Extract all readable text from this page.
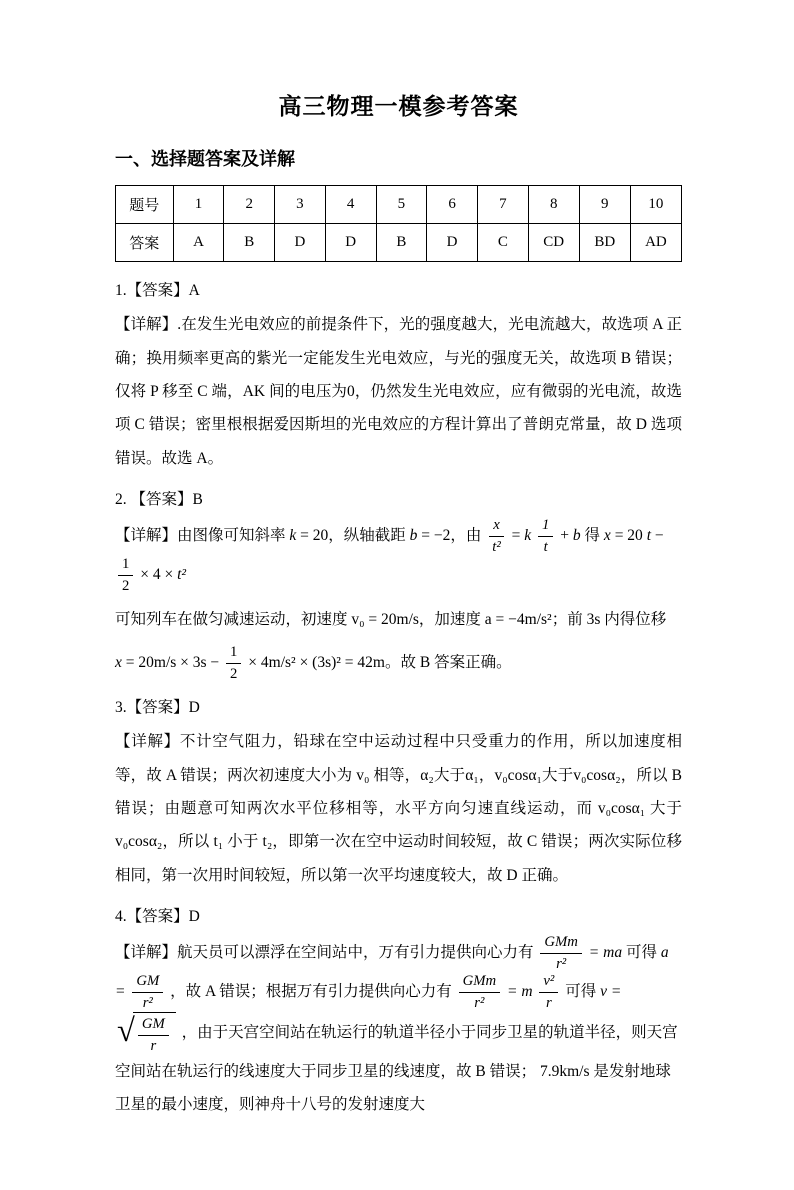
高三物理一模参考答案
一、选择题答案及详解
题号	1	2	3	4	5	6	7	8	9	10
答案	A	B	D	D	B	D	C	CD	BD	AD

1.【答案】A

【详解】.在发生光电效应的前提条件下，光的强度越大，光电流越大，故选项 A 正确；换用频率更高的紫光一定能发生光电效应，与光的强度无关，故选项 B 错误；仅将 P 移至 C 端，AK 间的电压为0，仍然发生光电效应，应有微弱的光电流，故选项 C 错误；密里根根据爱因斯坦的光电效应的方程计算出了普朗克常量，故 D 选项错误。故选 A。

2. 【答案】B

【详解】由图像可知斜率 k = 20，纵轴截距 b = −2，由 $\frac{x}{\text{t²}} = k \frac{1}{t} + b$ 得 x = 20 t −
$\frac{1}{2} \times 4 \times t^2$

可知列车在做匀减速运动，初速度 v₀ = 20m/s，加速度 a = −4m/s²；前 3s 内得位移

$x = 20m/s \times 3s - \frac{1}{2} \times 4m/s^2 \times (3s)^2 = 42m$。故 B 答案正确。

3.【答案】D

【详解】不计空气阻力，铅球在空中运动过程中只受重力的作用，所以加速度相等，故 A 错误；两次初速度大小为 v₀ 相等，α₂大于α₁，v₀cosα₁大于v₀cosα₂，所以 B 错误；由题意可知两次水平位移相等，水平方向匀速直线运动，而 v₀cosα₁ 大于 v₀cosα₂，所以 t₁ 小于 t₂，即第一次在空中运动时间较短，故 C 错误；两次实际位移相同，第一次用时间较短，所以第一次平均速度较大，故 D 正确。

4.【答案】D

【详解】航天员可以漂浮在空间站中，万有引力提供向心力有 $\frac{\text{GMm}}{\text{r²}}$ = ma 可得 $a = \frac{GM}{\text{r²}}$ ，故 A 错误；根据万有引力提供向心力有 $\frac{\text{GMm}}{\text{r²}} = m \frac{\text{v²}}{r}$ 可得 v =
√ $\frac{GM}{r}$ ，由于天宫空间站在轨运行的轨道半径小于同步卫星的轨道半径，则天宫空间站在轨运行的线速度大于同步卫星的线速度，故 B 错误； 7.9km/s 是发射地球卫星的最小速度，则神舟十八号的发射速度大
